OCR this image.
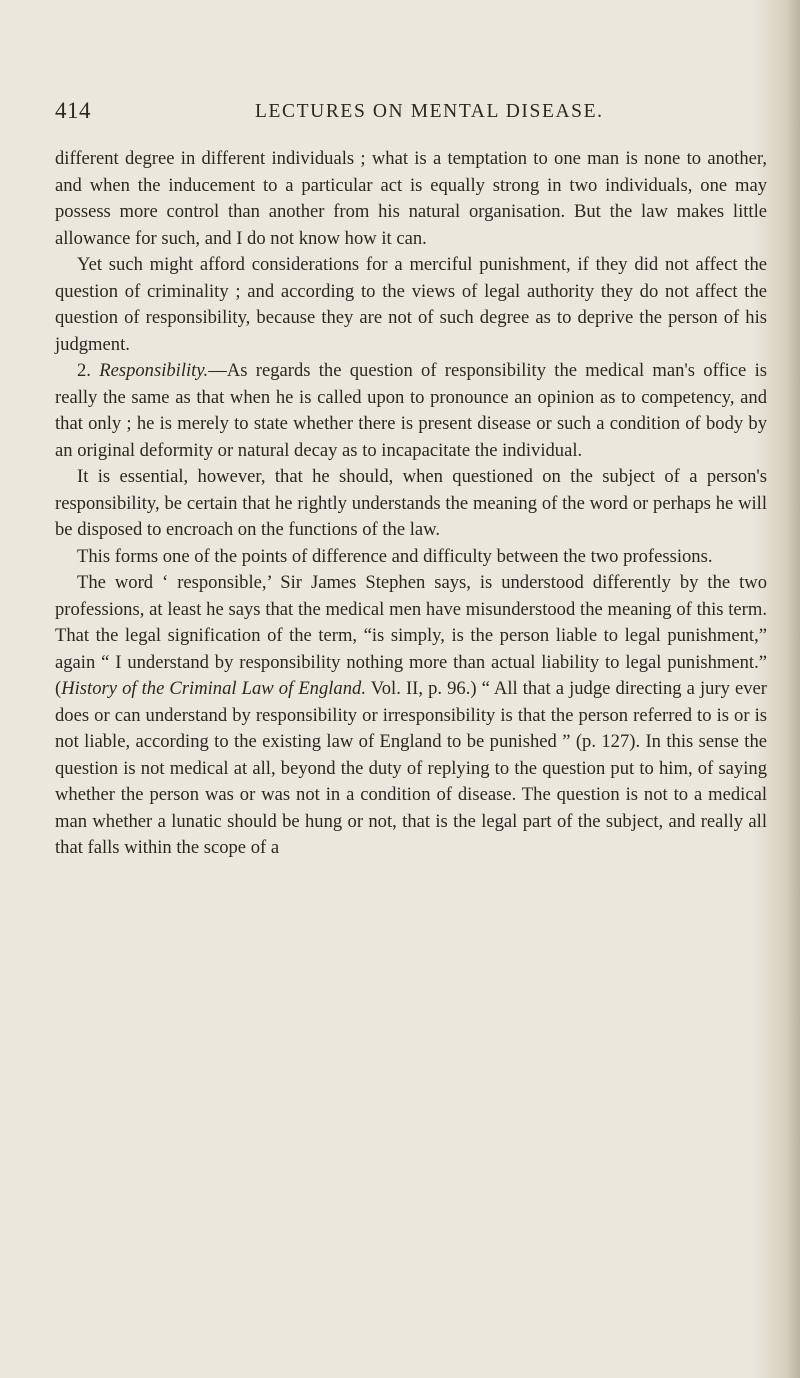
414	LECTURES ON MENTAL DISEASE.

different degree in different individuals ; what is a temptation to one man is none to another, and when the inducement to a particular act is equally strong in two individuals, one may possess more control than another from his natural organisation. But the law makes little allowance for such, and I do not know how it can.

Yet such might afford considerations for a merciful punishment, if they did not affect the question of criminality ; and according to the views of legal authority they do not affect the question of responsibility, because they are not of such degree as to deprive the person of his judgment.

2. Responsibility.—As regards the question of responsibility the medical man's office is really the same as that when he is called upon to pronounce an opinion as to competency, and that only ; he is merely to state whether there is present disease or such a condition of body by an original deformity or natural decay as to incapacitate the individual.

It is essential, however, that he should, when questioned on the subject of a person's responsibility, be certain that he rightly understands the meaning of the word or perhaps he will be disposed to encroach on the functions of the law.

This forms one of the points of difference and difficulty between the two professions.

The word ‘ responsible,’ Sir James Stephen says, is understood differently by the two professions, at least he says that the medical men have misunderstood the meaning of this term. That the legal signification of the term, “is simply, is the person liable to legal punishment,” again “ I understand by responsibility nothing more than actual liability to legal punishment.” (History of the Criminal Law of England. Vol. II, p. 96.) “ All that a judge directing a jury ever does or can understand by responsibility or irresponsibility is that the person referred to is or is not liable, according to the existing law of England to be punished ” (p. 127). In this sense the question is not medical at all, beyond the duty of replying to the question put to him, of saying whether the person was or was not in a condition of disease. The question is not to a medical man whether a lunatic should be hung or not, that is the legal part of the subject, and really all that falls within the scope of a
